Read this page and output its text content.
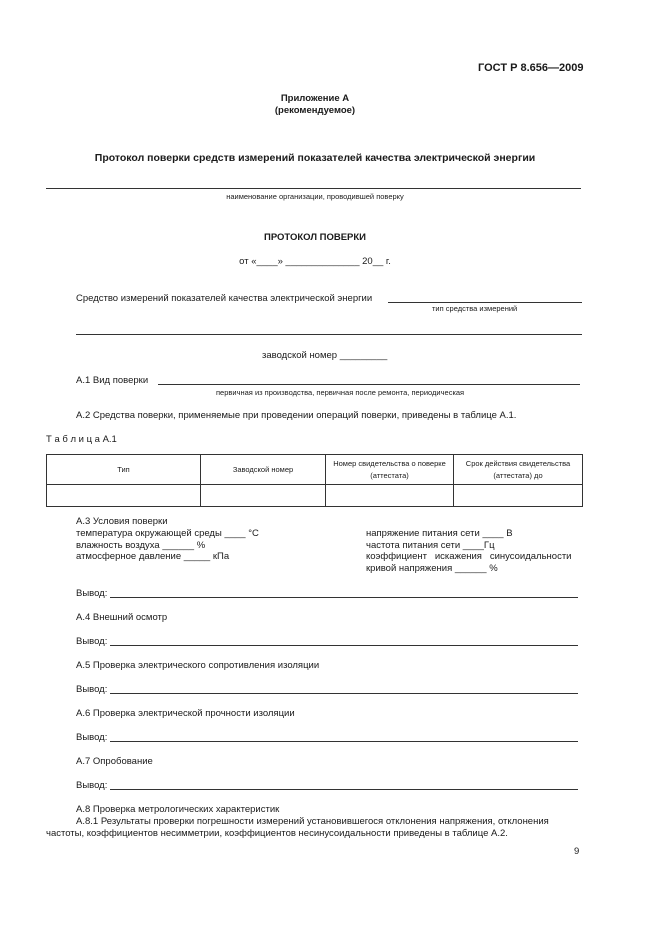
ГОСТ Р 8.656—2009
Приложение А
(рекомендуемое)
Протокол поверки средств измерений показателей качества электрической энергии
наименование организации, проводившей поверку
ПРОТОКОЛ ПОВЕРКИ
от «____» ______________ 20__ г.
Средство измерений показателей качества электрической энергии
тип средства измерений
заводской номер _________
А.1 Вид поверки
первичная из производства, первичная после ремонта, периодическая
А.2 Средства поверки, применяемые при проведении операций поверки, приведены в таблице А.1.
Т а б л и ц а А.1
Тип	Заводской номер	Номер свидетельства о поверке (аттестата)	Срок действия свидетельства (аттестата) до

А.3 Условия поверки
температура окружающей среды ____ °С
влажность воздуха ______ %
атмосферное давление _____ кПа
напряжение питания сети ____ В
частота питания сети ____Гц
коэффициент   искажения   синусоидальности
кривой напряжения ______ %
Вывод:
А.4 Внешний осмотр
Вывод:
А.5 Проверка электрического сопротивления изоляции
Вывод:
А.6 Проверка электрической прочности изоляции
Вывод:
А.7 Опробование
Вывод:
А.8 Проверка метрологических характеристик
А.8.1 Результаты проверки погрешности измерений установившегося отклонения напряжения, отклонения
частоты, коэффициентов несимметрии, коэффициентов несинусоидальности приведены в таблице А.2.
9
